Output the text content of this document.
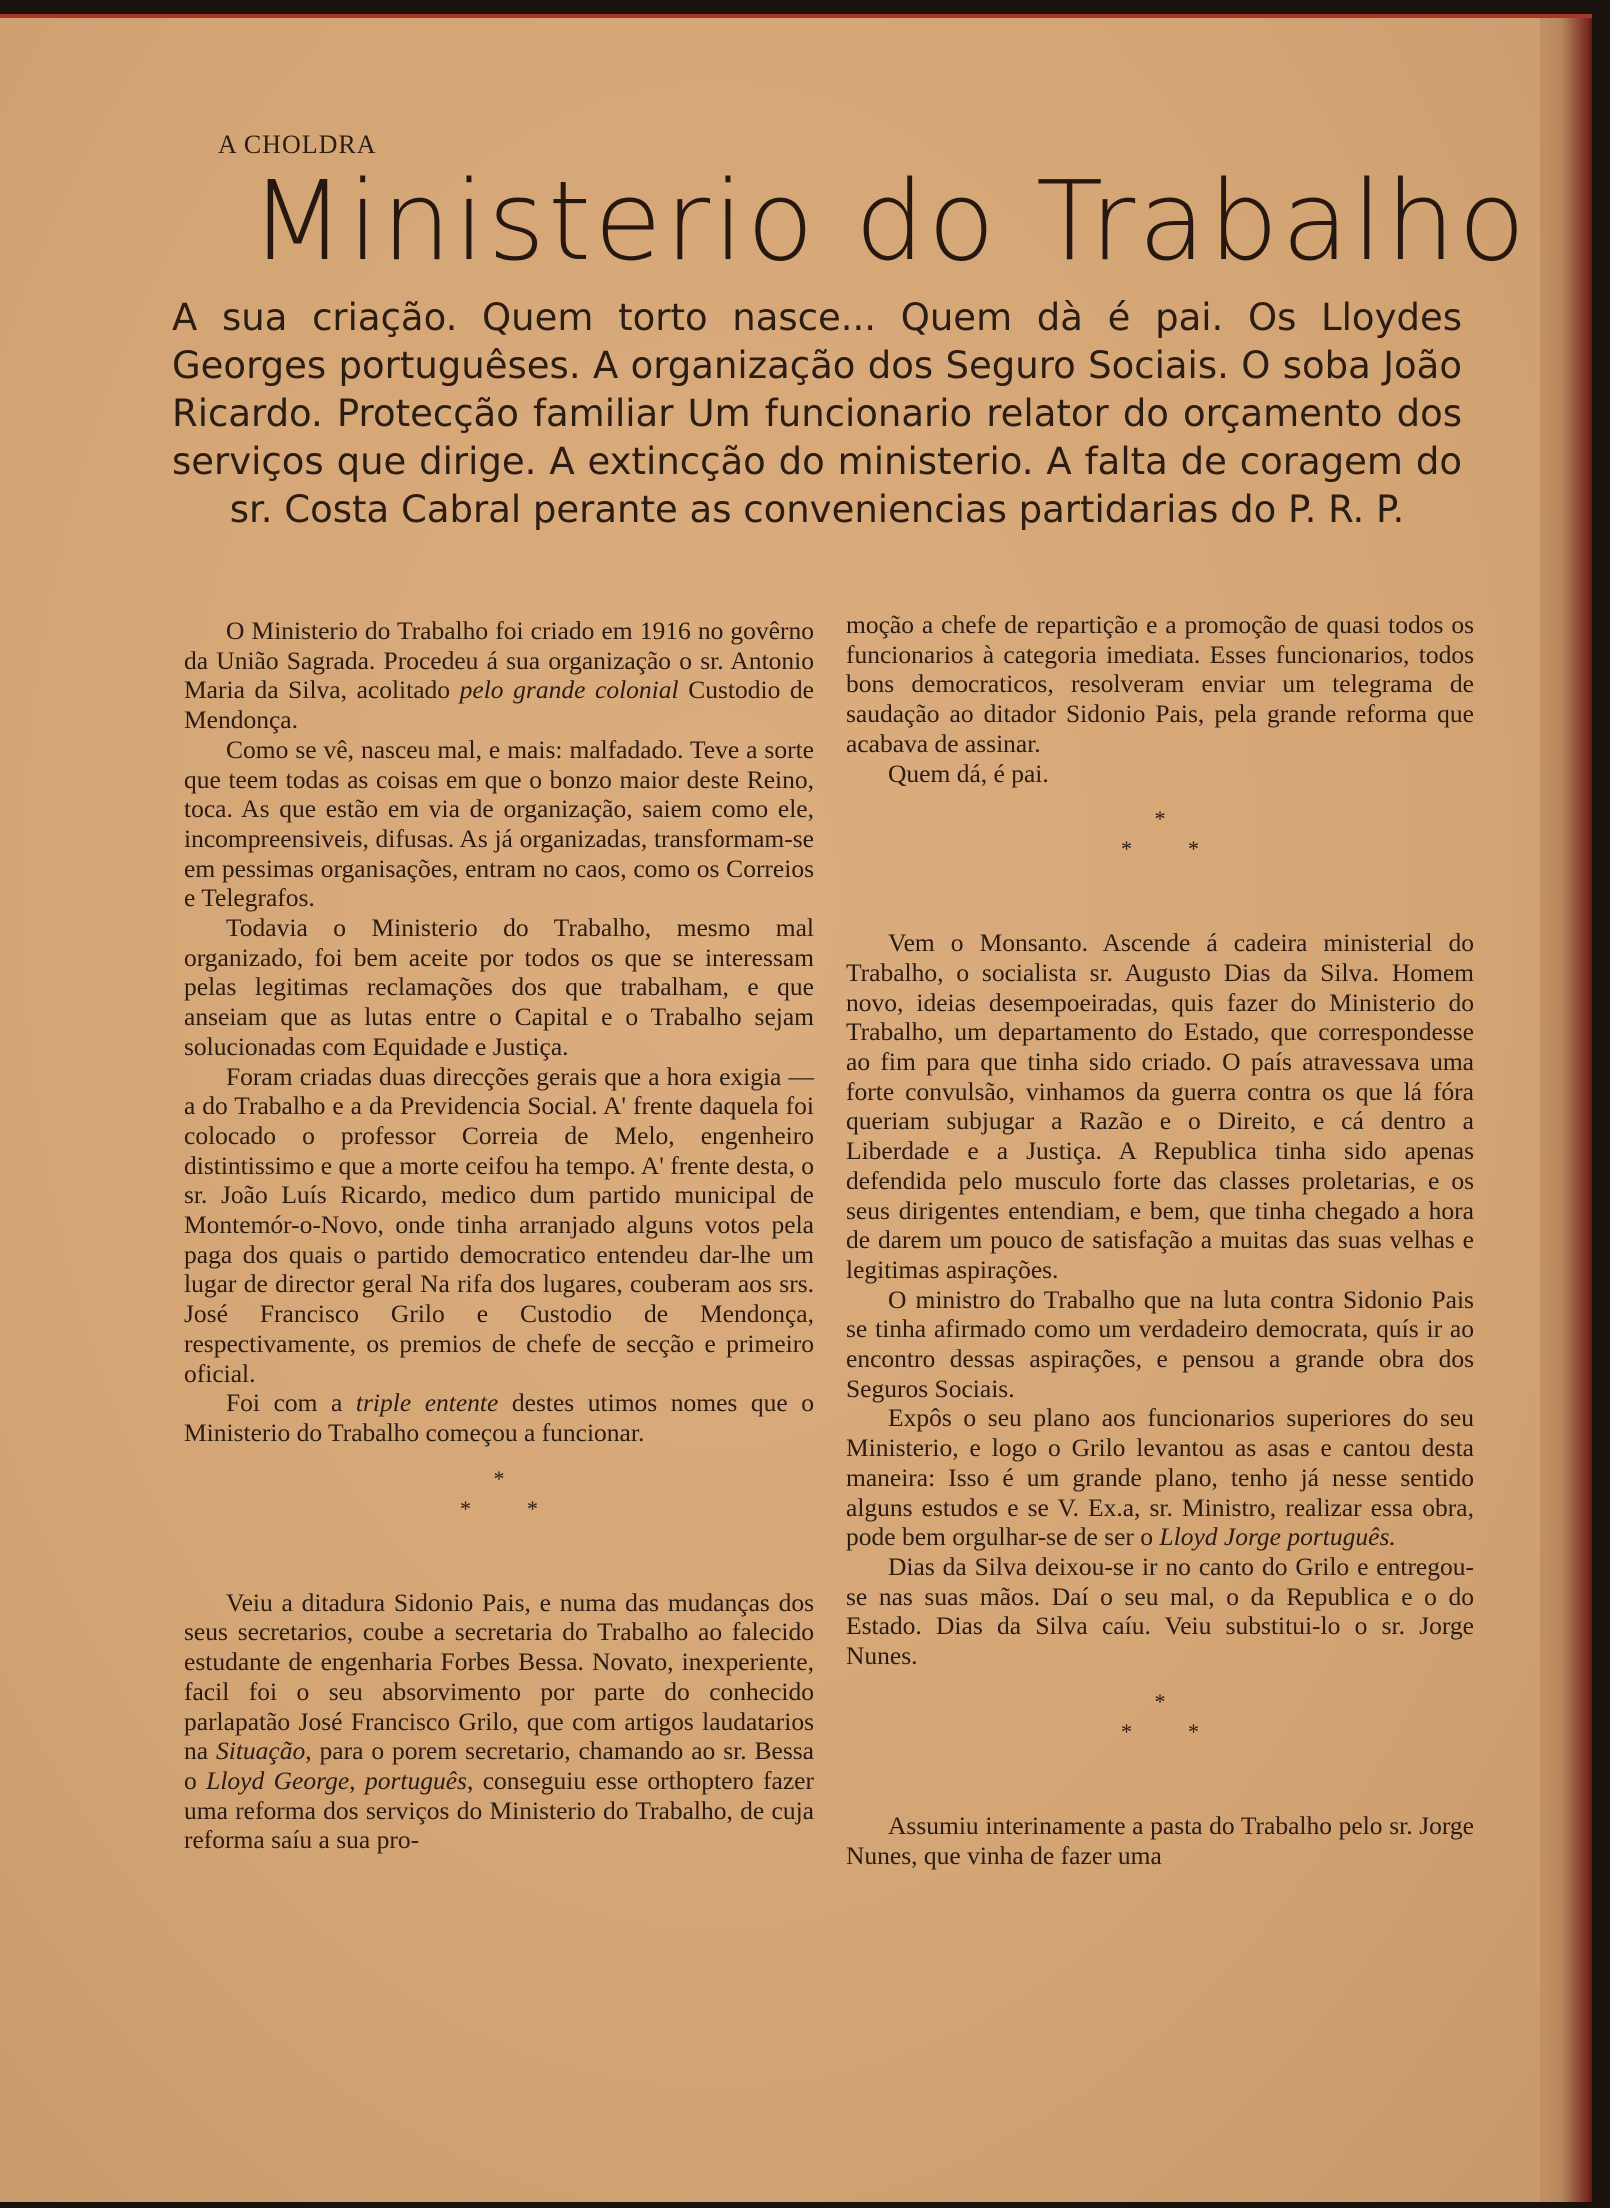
A CHOLDRA
Ministerio do Trabalho
A sua criação. Quem torto nasce... Quem dà é pai. Os Lloydes Georges portuguêses. A organização dos Seguro Sociais. O soba João Ricardo. Protecção familiar Um funcionario relator do orçamento dos serviços que dirige. A extincção do ministerio. A falta de coragem do sr. Costa Cabral perante as conveniencias partidarias do P. R. P.

O Ministerio do Trabalho foi criado em 1916 no govêrno da União Sagrada. Procedeu á sua organização o sr. Antonio Maria da Silva, acolitado pelo grande colonial Custodio de Mendonça.

Como se vê, nasceu mal, e mais: malfadado. Teve a sorte que teem todas as coisas em que o bonzo maior deste Reino, toca. As que estão em via de organização, saiem como ele, incompreensiveis, difusas. As já organizadas, transformam-se em pessimas organisações, entram no caos, como os Correios e Telegrafos.

Todavia o Ministerio do Trabalho, mesmo mal organizado, foi bem aceite por todos os que se interessam pelas legitimas reclamações dos que trabalham, e que anseiam que as lutas entre o Capital e o Trabalho sejam solucionadas com Equidade e Justiça.

Foram criadas duas direcções gerais que a hora exigia — a do Trabalho e a da Previdencia Social. A' frente daquela foi colocado o professor Correia de Melo, engenheiro distintissimo e que a morte ceifou ha tempo. A' frente desta, o sr. João Luís Ricardo, medico dum partido municipal de Montemór-o-Novo, onde tinha arranjado alguns votos pela paga dos quais o partido democratico entendeu dar-lhe um lugar de director geral Na rifa dos lugares, couberam aos srs. José Francisco Grilo e Custodio de Mendonça, respectivamente, os premios de chefe de secção e primeiro oficial.

Foi com a triple entente destes utimos nomes que o Ministerio do Trabalho começou a funcionar.

*
*	*

Veiu a ditadura Sidonio Pais, e numa das mudanças dos seus secretarios, coube a secretaria do Trabalho ao falecido estudante de engenharia Forbes Bessa. Novato, inexperiente, facil foi o seu absorvimento por parte do conhecido parlapatão José Francisco Grilo, que com artigos laudatarios na Situação, para o porem secretario, chamando ao sr. Bessa o Lloyd George, português, conseguiu esse orthoptero fazer uma reforma dos serviços do Ministerio do Trabalho, de cuja reforma saíu a sua pro-

moção a chefe de repartição e a promoção de quasi todos os funcionarios à categoria imediata. Esses funcionarios, todos bons democraticos, resolveram enviar um telegrama de saudação ao ditador Sidonio Pais, pela grande reforma que acabava de assinar.

Quem dá, é pai.

*
*	*

Vem o Monsanto. Ascende á cadeira ministerial do Trabalho, o socialista sr. Augusto Dias da Silva. Homem novo, ideias desempoeiradas, quis fazer do Ministerio do Trabalho, um departamento do Estado, que correspondesse ao fim para que tinha sido criado. O país atravessava uma forte convulsão, vinhamos da guerra contra os que lá fóra queriam subjugar a Razão e o Direito, e cá dentro a Liberdade e a Justiça. A Republica tinha sido apenas defendida pelo musculo forte das classes proletarias, e os seus dirigentes entendiam, e bem, que tinha chegado a hora de darem um pouco de satisfação a muitas das suas velhas e legitimas aspirações.

O ministro do Trabalho que na luta contra Sidonio Pais se tinha afirmado como um verdadeiro democrata, quís ir ao encontro dessas aspirações, e pensou a grande obra dos Seguros Sociais.

Expôs o seu plano aos funcionarios superiores do seu Ministerio, e logo o Grilo levantou as asas e cantou desta maneira: Isso é um grande plano, tenho já nesse sentido alguns estudos e se V. Ex.a, sr. Ministro, realizar essa obra, pode bem orgulhar-se de ser o Lloyd Jorge português.

Dias da Silva deixou-se ir no canto do Grilo e entregou-se nas suas mãos. Daí o seu mal, o da Republica e o do Estado. Dias da Silva caíu. Veiu substitui-lo o sr. Jorge Nunes.

*
*	*

Assumiu interinamente a pasta do Trabalho pelo sr. Jorge Nunes, que vinha de fazer uma
